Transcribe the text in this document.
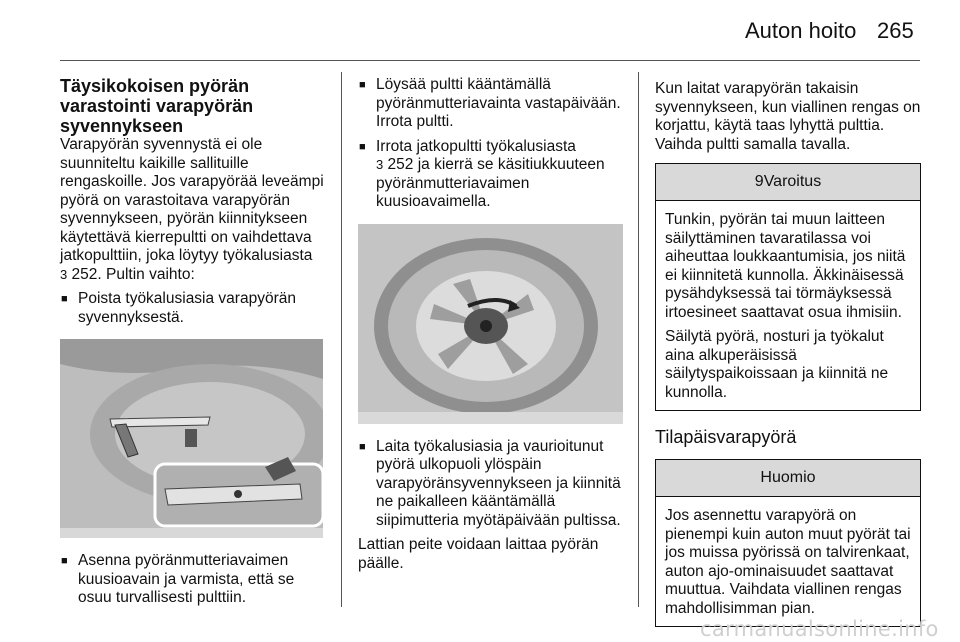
Auton hoito 265
Täysikokoisen pyörän varastointi varapyörän syvennykseen

Varapyörän syvennystä ei ole suunniteltu kaikille sallituille rengaskoille. Jos varapyörää leveämpi pyörä on varastoitava varapyörän syvennykseen, pyörän kiinnitykseen käytettävä kierrepultti on vaihdettava jatkopulttiin, joka löytyy työkalusiasta
3 252. Pultin vaihto:

■ Poista työkalusiasia varapyörän syvennyksestä.
■ Asenna pyöränmutteriavaimen kuusioavain ja varmista, että se osuu turvallisesti pulttiin.
■ Löysää pultti kääntämällä pyöränmutteriavainta vastapäivään. Irrota pultti.
■ Irrota jatkopultti työkalusiasta
3 252 ja kierrä se käsitiukkuuteen pyöränmutteriavaimen kuusioavaimella.
■ Laita työkalusiasia ja vaurioitunut pyörä ulkopuoli ylöspäin varapyöränsyvennykseen ja kiinnitä ne paikalleen kääntämällä siipimutteria myötäpäivään pultissa.

Lattian peite voidaan laittaa pyörän päälle.

Kun laitat varapyörän takaisin syvennykseen, kun viallinen rengas on korjattu, käytä taas lyhyttä pulttia. Vaihda pultti samalla tavalla.

9 Varoitus

Tunkin, pyörän tai muun laitteen säilyttäminen tavaratilassa voi aiheuttaa loukkaantumisia, jos niitä ei kiinnitetä kunnolla. Äkkinäisessä pysähdyksessä tai törmäyksessä irtoesineet saattavat osua ihmisiin.

Säilytä pyörä, nosturi ja työkalut aina alkuperäisissä säilytyspaikoissaan ja kiinnitä ne kunnolla.

Tilapäisvarapyörä
Huomio

Jos asennettu varapyörä on pienempi kuin auton muut pyörät tai jos muissa pyörissä on talvirenkaat, auton ajo-ominaisuudet saattavat muuttua. Vaihdata viallinen rengas mahdollisimman pian.

carmanualsonline.info
